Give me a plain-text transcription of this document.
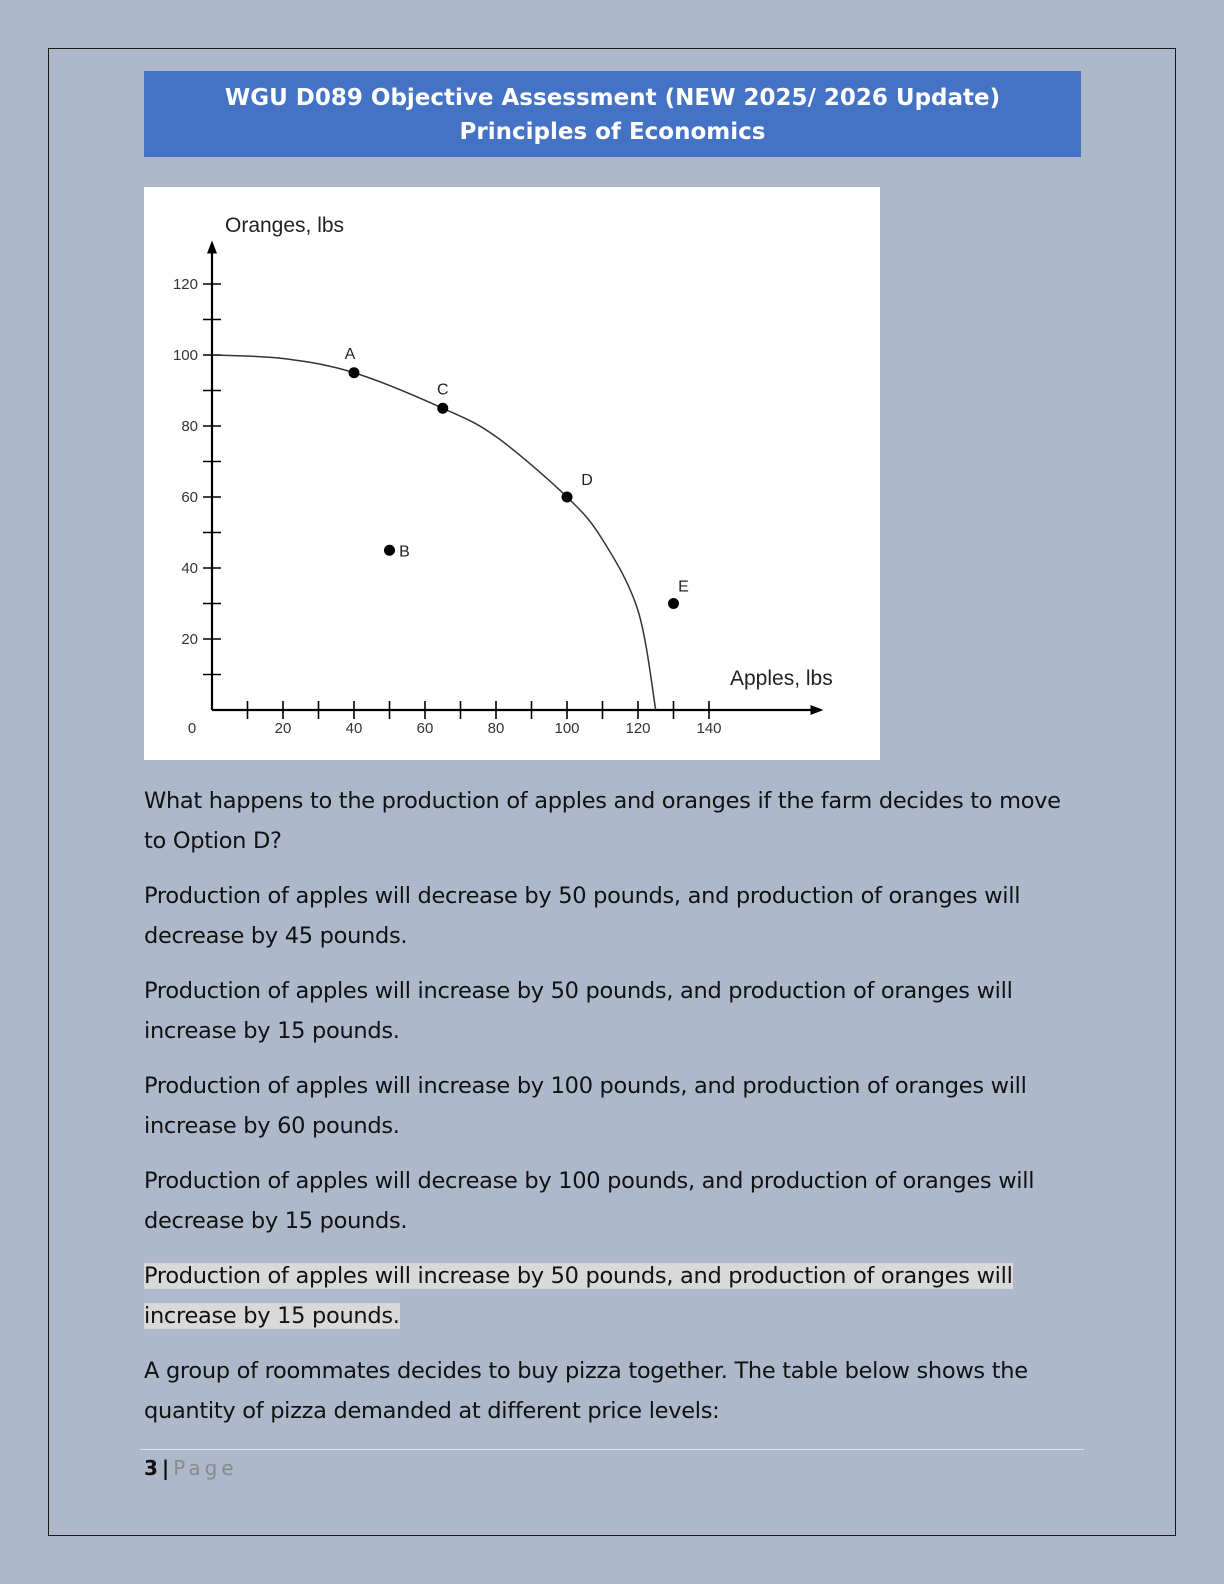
WGU D089 Objective Assessment (NEW 2025/ 2026 Update) Principles of Economics
0	20	40	60	80	100	120	140
20
40
60
80
100
120
A
B
C
D
E
Oranges, lbs
Apples, lbs
What happens to the production of apples and oranges if the farm decides to move to Option D?
Production of apples will decrease by 50 pounds, and production of oranges will decrease by 45 pounds.
Production of apples will increase by 50 pounds, and production of oranges will increase by 15 pounds.
Production of apples will increase by 100 pounds, and production of oranges will increase by 60 pounds.
Production of apples will decrease by 100 pounds, and production of oranges will decrease by 15 pounds.
Production of apples will increase by 50 pounds, and production of oranges will
increase by 15 pounds.
A group of roommates decides to buy pizza together. The table below shows the quantity of pizza demanded at different price levels:
3 | Page
